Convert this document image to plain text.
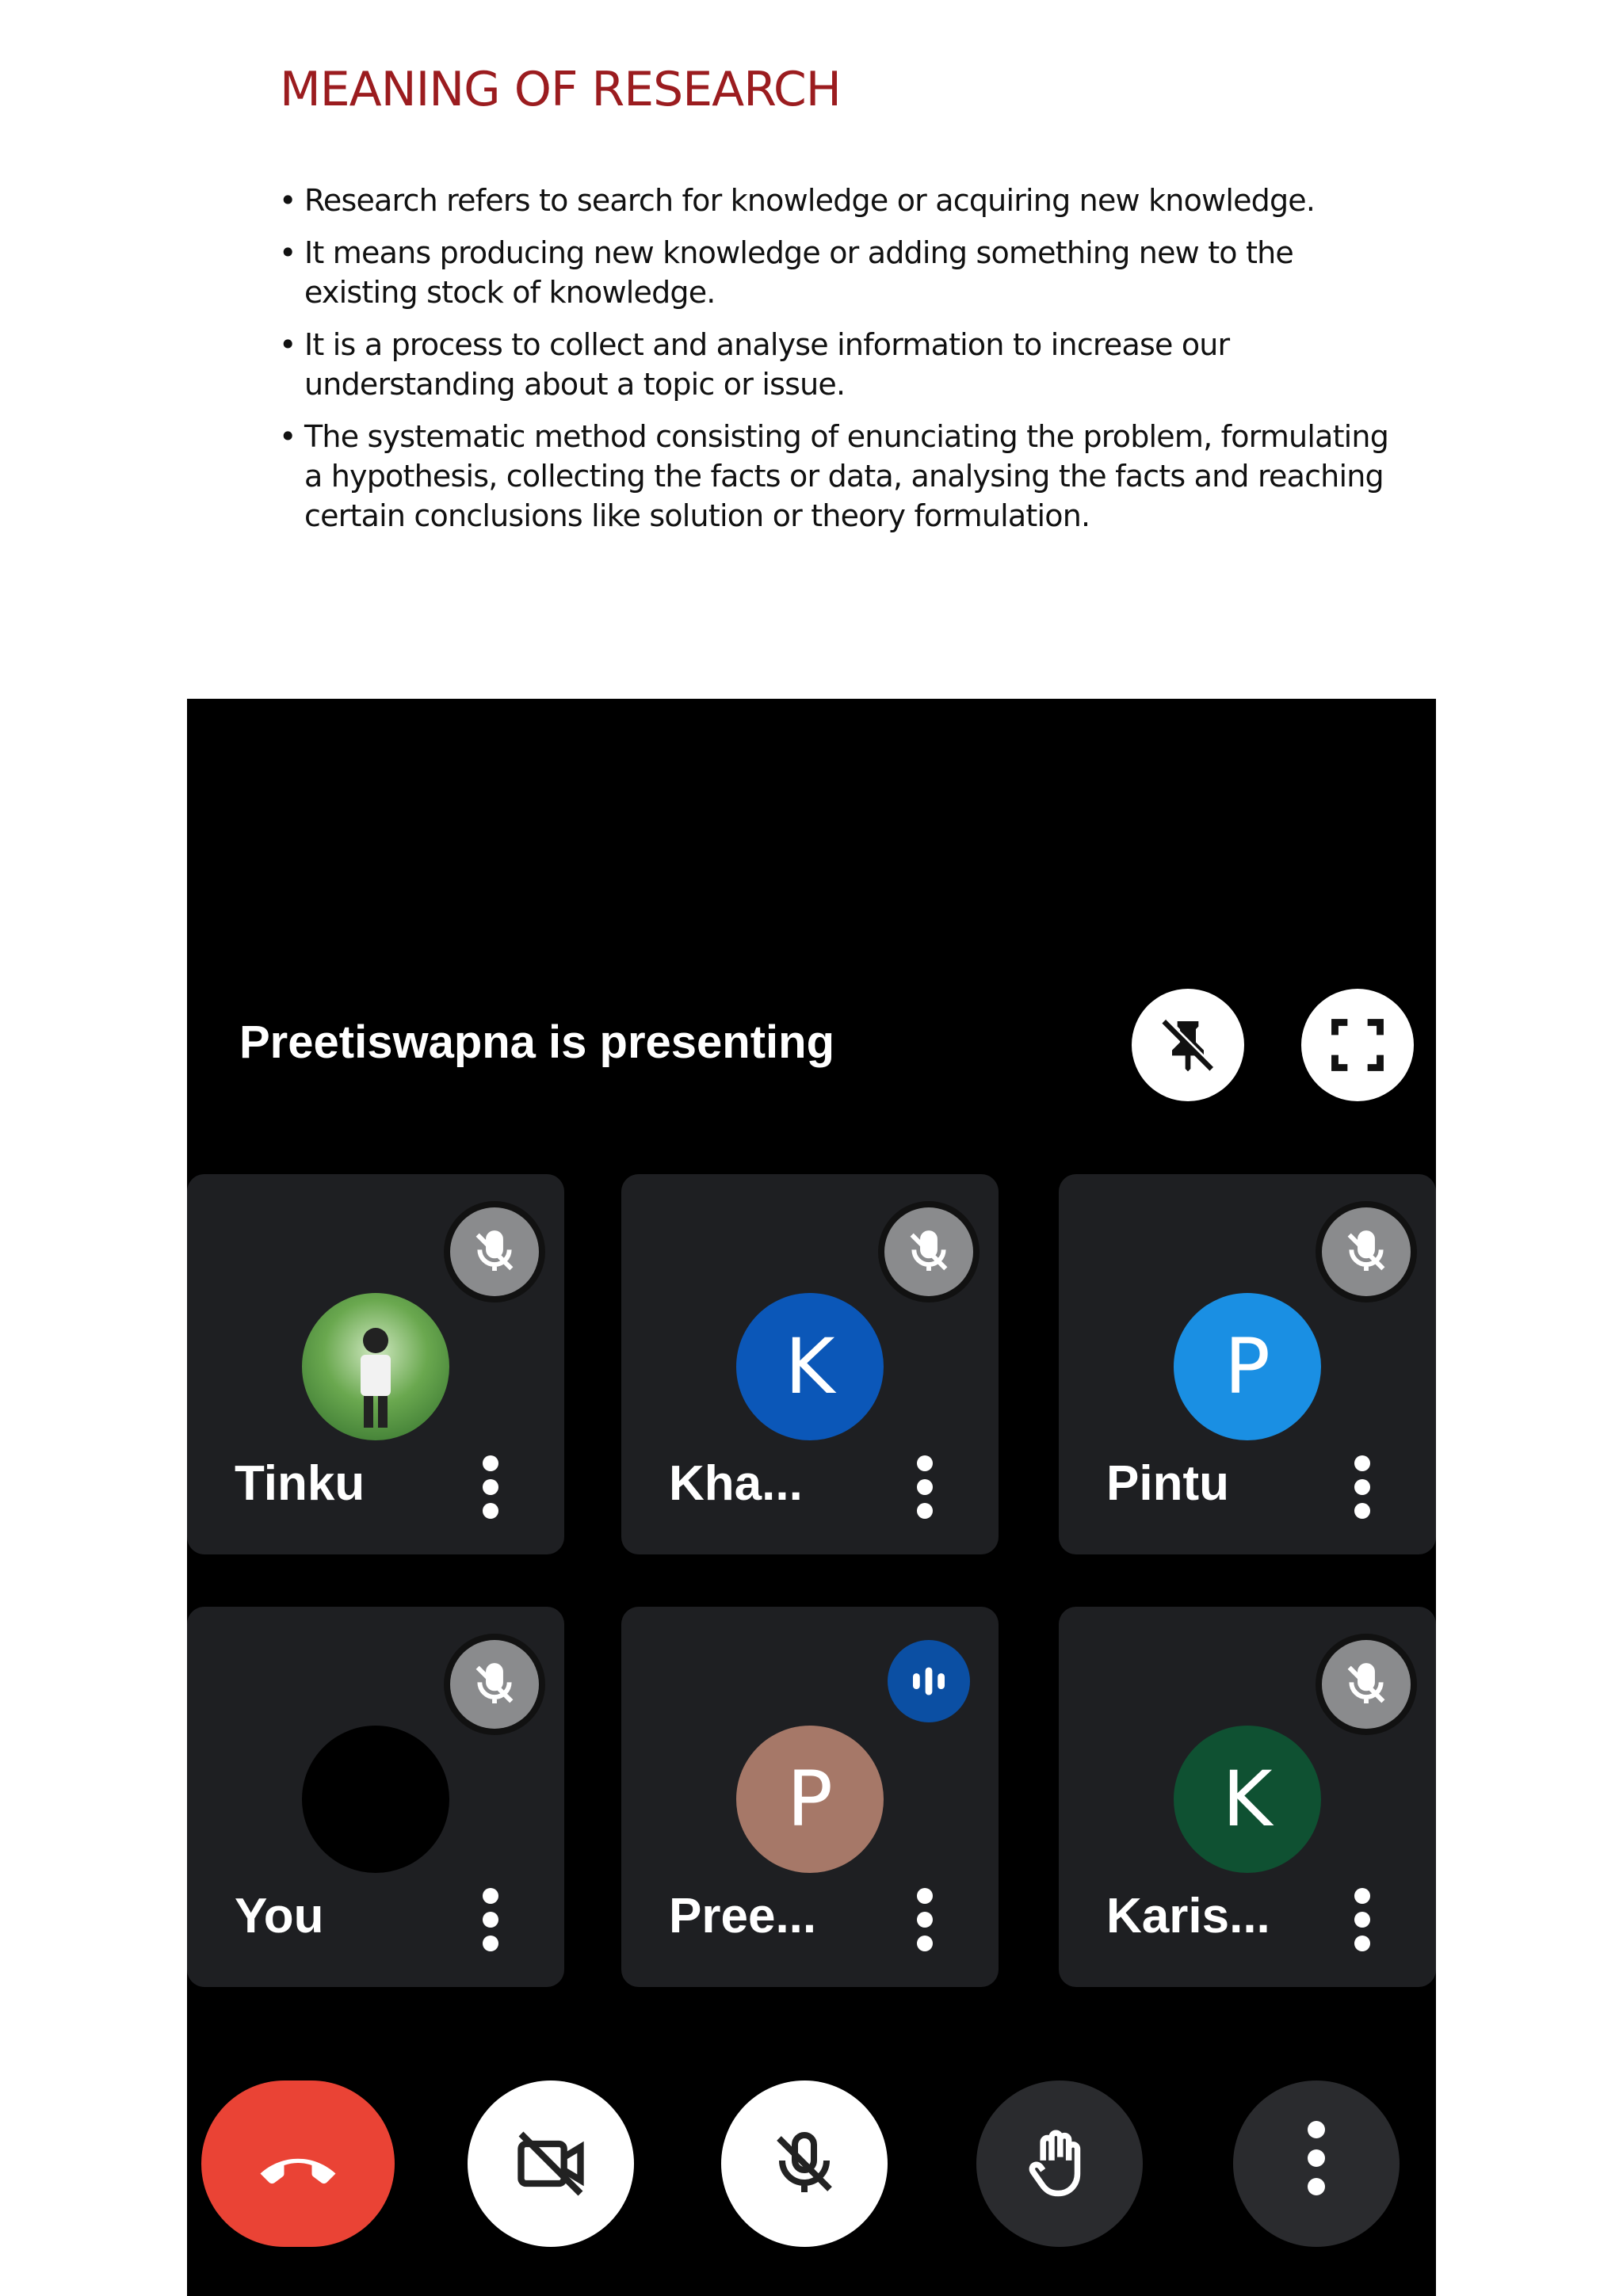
MEANING OF RESEARCH
• Research refers to search for knowledge or acquiring new knowledge.
• It means producing new knowledge or adding something new to the existing stock of knowledge.
• It is a process to collect and analyse information to increase our understanding about a topic or issue.
• The systematic method consisting of enunciating the problem, formulating a hypothesis, collecting the facts or data, analysing the facts and reaching certain conclusions like solution or theory formulation.
Preetiswapna is presenting
Tinku
K
Kha...
P
Pintu
You
P
Pree...
K
Karis...
